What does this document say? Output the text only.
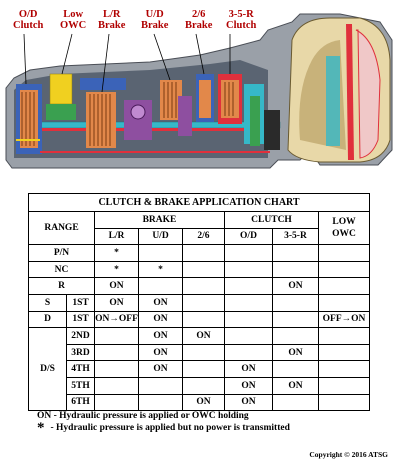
O/D
Clutch
Low
OWC
L/R
Brake
U/D
Brake
2/6
Brake
3-5-R
Clutch
CLUTCH & BRAKE APPLICATION CHART							
RANGE		BRAKE			CLUTCH		LOW
OWC
		L/R	U/D	2/6	O/D	3-5-R	
P/N		*					
NC		*	*				
R		ON				ON	
S	1ST	ON	ON				
D	1ST	ON→OFF	ON				OFF→ON
D/S	2ND		ON	ON			
	3RD		ON			ON	
	4TH		ON		ON		
	5TH				ON	ON	
	6TH			ON	ON		
ON - Hydraulic pressure is applied or OWC holding
* - Hydraulic pressure is applied but no power is transmitted
Copyright © 2016 ATSG
